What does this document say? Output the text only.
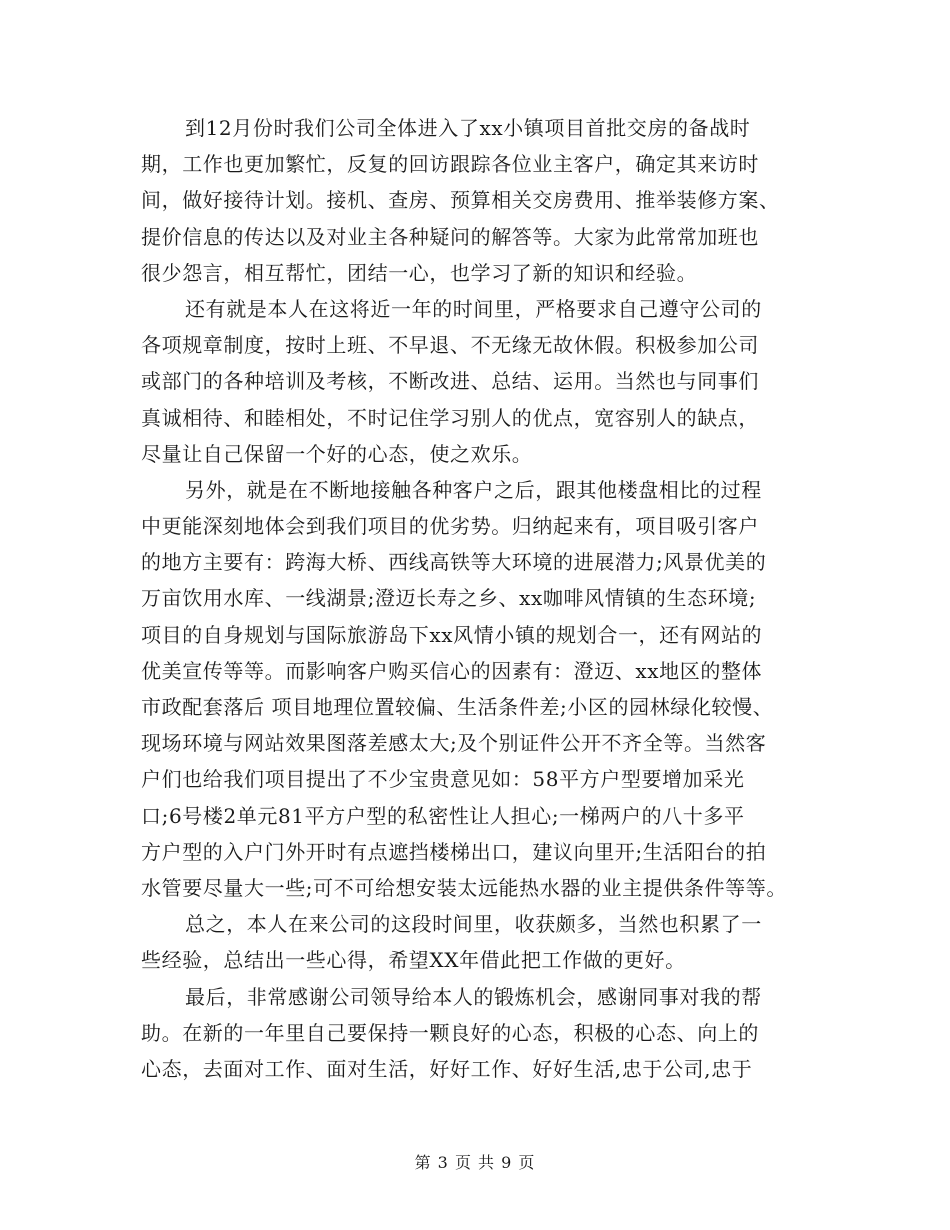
到12月份时我们公司全体进入了xx小镇项目首批交房的备战时
期，工作也更加繁忙，反复的回访跟踪各位业主客户，确定其来访时
间，做好接待计划。接机、查房、预算相关交房费用、推举装修方案、
提价信息的传达以及对业主各种疑问的解答等。大家为此常常加班也
很少怨言，相互帮忙，团结一心，也学习了新的知识和经验。
还有就是本人在这将近一年的时间里，严格要求自己遵守公司的
各项规章制度，按时上班、不早退、不无缘无故休假。积极参加公司
或部门的各种培训及考核，不断改进、总结、运用。当然也与同事们
真诚相待、和睦相处，不时记住学习别人的优点，宽容别人的缺点，
尽量让自己保留一个好的心态，使之欢乐。
另外，就是在不断地接触各种客户之后，跟其他楼盘相比的过程
中更能深刻地体会到我们项目的优劣势。归纳起来有，项目吸引客户
的地方主要有：跨海大桥、西线高铁等大环境的进展潜力;风景优美的
万亩饮用水库、一线湖景;澄迈长寿之乡、xx咖啡风情镇的生态环境;
项目的自身规划与国际旅游岛下xx风情小镇的规划合一，还有网站的
优美宣传等等。而影响客户购买信心的因素有：澄迈、xx地区的整体
市政配套落后 项目地理位置较偏、生活条件差;小区的园林绿化较慢、
现场环境与网站效果图落差感太大;及个别证件公开不齐全等。当然客
户们也给我们项目提出了不少宝贵意见如：58平方户型要增加采光
口;6号楼2单元81平方户型的私密性让人担心;一梯两户的八十多平
方户型的入户门外开时有点遮挡楼梯出口，建议向里开;生活阳台的拍
水管要尽量大一些;可不可给想安装太远能热水器的业主提供条件等等。
总之，本人在来公司的这段时间里，收获颇多，当然也积累了一
些经验，总结出一些心得，希望XX年借此把工作做的更好。
最后，非常感谢公司领导给本人的锻炼机会，感谢同事对我的帮
助。在新的一年里自己要保持一颗良好的心态，积极的心态、向上的
心态，去面对工作、面对生活，好好工作、好好生活,忠于公司,忠于
第 3 页 共 9 页
